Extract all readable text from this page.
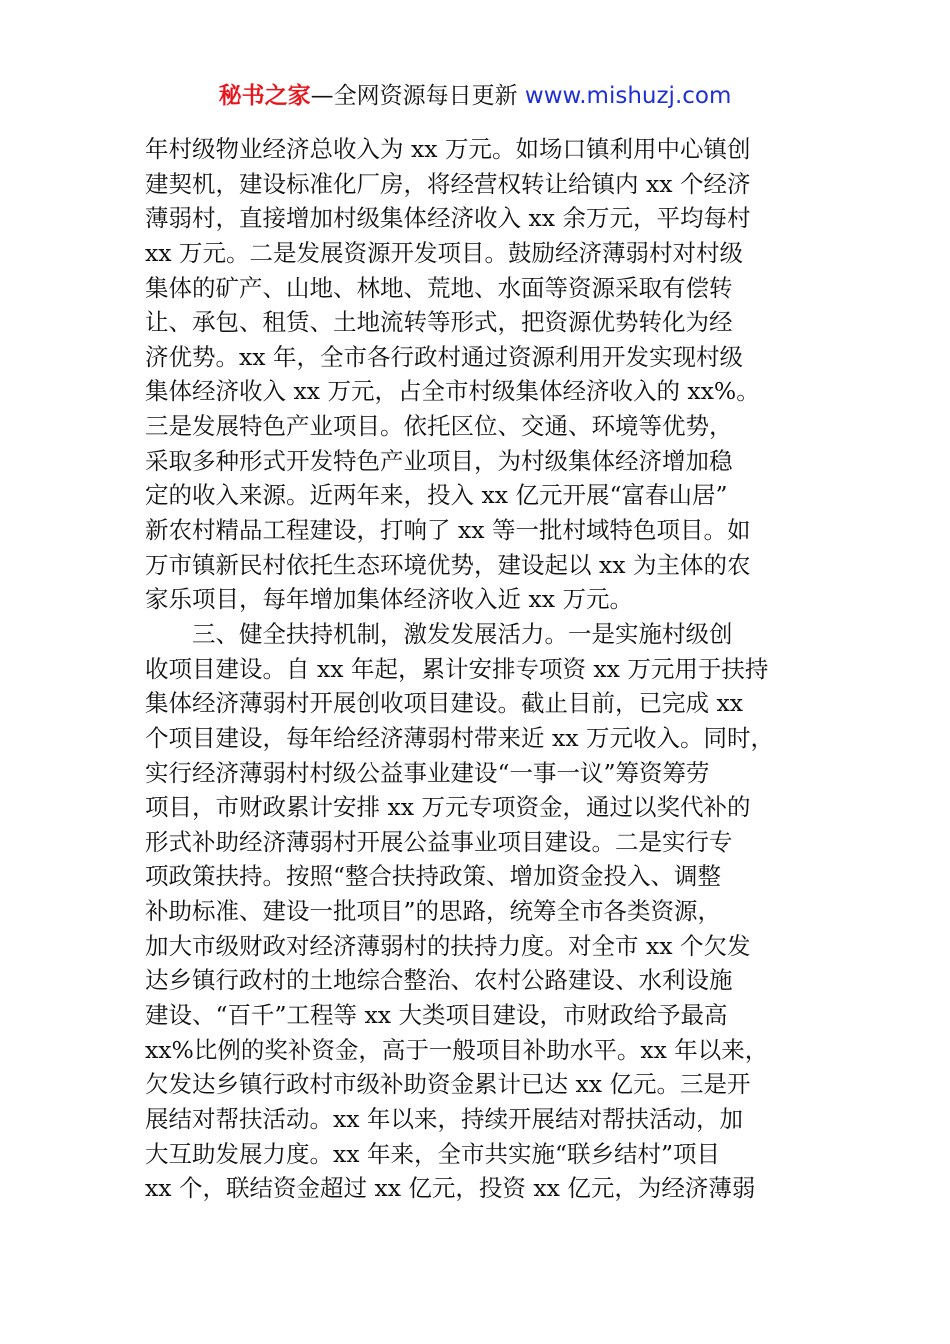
秘书之家—全网资源每日更新 www.mishuzj.com
年村级物业经济总收入为 xx 万元。如场口镇利用中心镇创
建契机，建设标准化厂房，将经营权转让给镇内 xx 个经济
薄弱村，直接增加村级集体经济收入 xx 余万元，平均每村
xx 万元。二是发展资源开发项目。鼓励经济薄弱村对村级
集体的矿产、山地、林地、荒地、水面等资源采取有偿转
让、承包、租赁、土地流转等形式，把资源优势转化为经
济优势。xx 年，全市各行政村通过资源利用开发实现村级
集体经济收入 xx 万元，占全市村级集体经济收入的 xx%。
三是发展特色产业项目。依托区位、交通、环境等优势，
采取多种形式开发特色产业项目，为村级集体经济增加稳
定的收入来源。近两年来，投入 xx 亿元开展“富春山居”
新农村精品工程建设，打响了 xx 等一批村域特色项目。如
万市镇新民村依托生态环境优势，建设起以 xx 为主体的农
家乐项目，每年增加集体经济收入近 xx 万元。
三、健全扶持机制，激发发展活力。一是实施村级创
收项目建设。自 xx 年起，累计安排专项资 xx 万元用于扶持
集体经济薄弱村开展创收项目建设。截止目前，已完成 xx
个项目建设，每年给经济薄弱村带来近 xx 万元收入。同时，
实行经济薄弱村村级公益事业建设“一事一议”筹资筹劳
项目，市财政累计安排 xx 万元专项资金，通过以奖代补的
形式补助经济薄弱村开展公益事业项目建设。二是实行专
项政策扶持。按照“整合扶持政策、增加资金投入、调整
补助标准、建设一批项目”的思路，统筹全市各类资源，
加大市级财政对经济薄弱村的扶持力度。对全市 xx 个欠发
达乡镇行政村的土地综合整治、农村公路建设、水利设施
建设、“百千”工程等 xx 大类项目建设，市财政给予最高
xx%比例的奖补资金，高于一般项目补助水平。xx 年以来，
欠发达乡镇行政村市级补助资金累计已达 xx 亿元。三是开
展结对帮扶活动。xx 年以来，持续开展结对帮扶活动，加
大互助发展力度。xx 年来，全市共实施“联乡结村”项目
xx 个，联结资金超过 xx 亿元，投资 xx 亿元，为经济薄弱
